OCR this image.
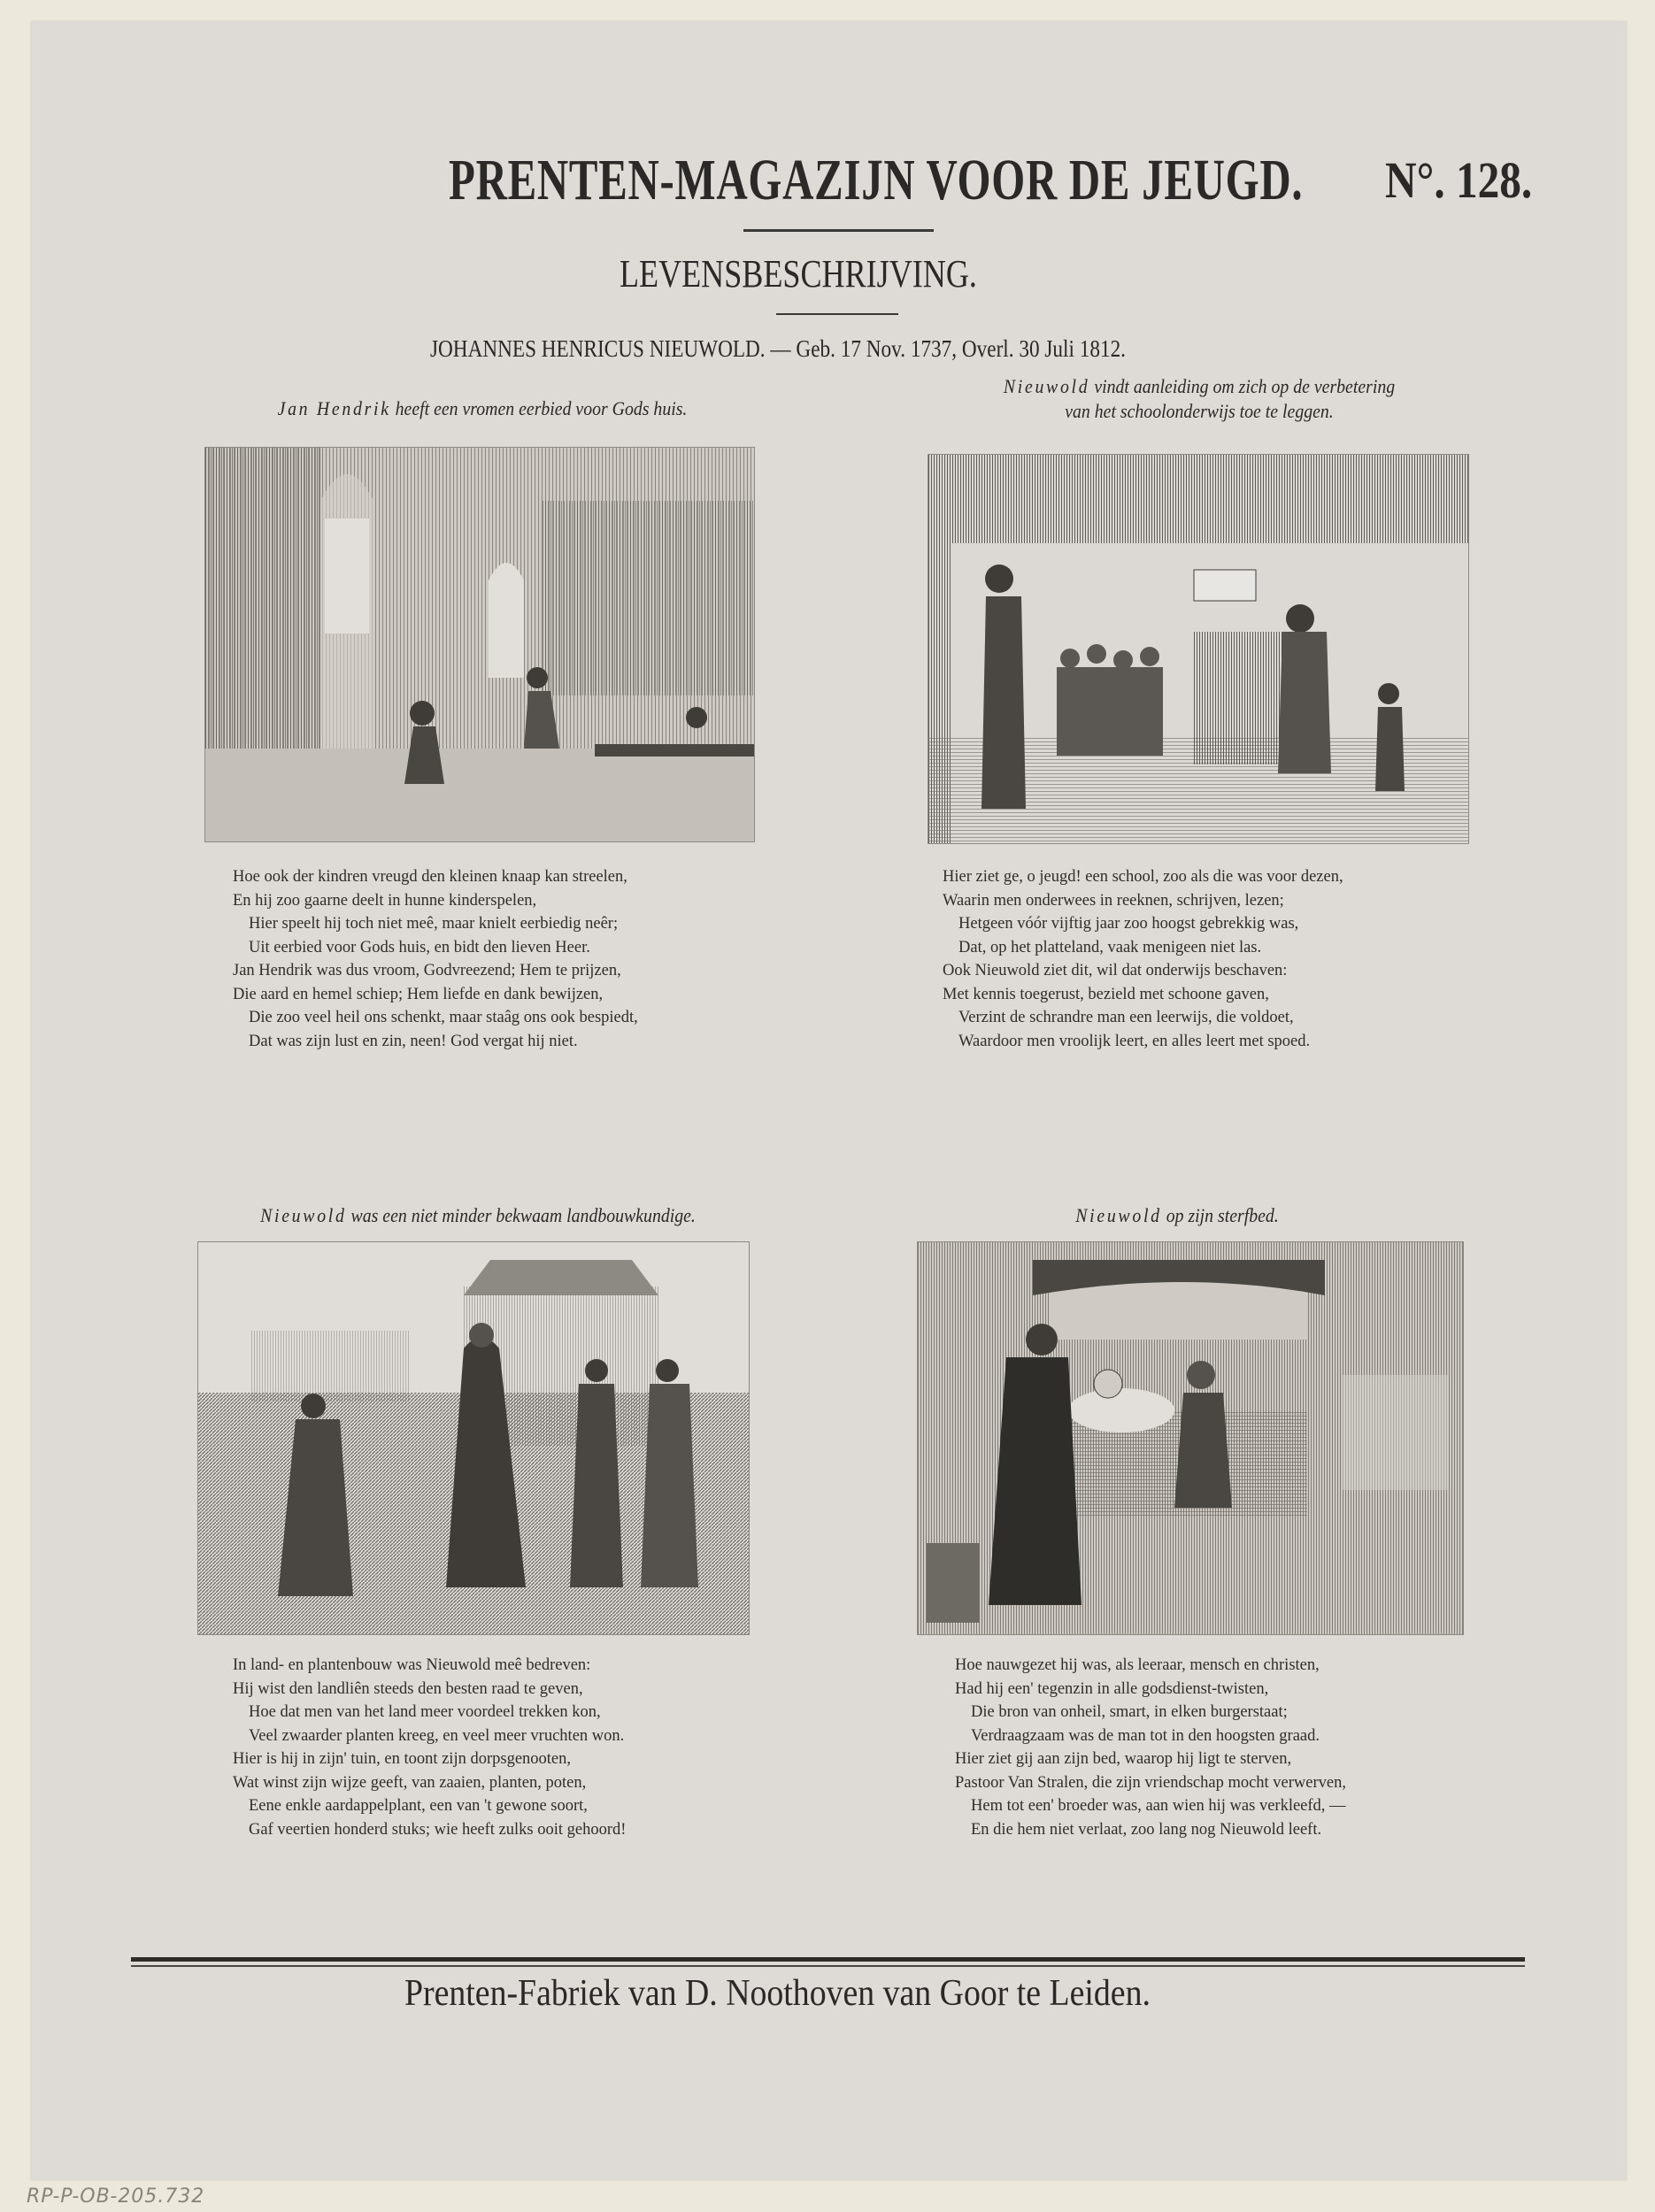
PRENTEN-MAGAZIJN VOOR DE JEUGD. N°. 128.
LEVENSBESCHRIJVING.
JOHANNES HENRICUS NIEUWOLD. — Geb. 17 Nov. 1737, Overl. 30 Juli 1812.
Jan Hendrik heeft een vromen eerbied voor Gods huis.
Hoe ook der kindren vreugd den kleinen knaap kan streelen,
En hij zoo gaarne deelt in hunne kinderspelen,
Hier speelt hij toch niet meê, maar knielt eerbiedig neêr;
Uit eerbied voor Gods huis, en bidt den lieven Heer.
Jan Hendrik was dus vroom, Godvreezend; Hem te prijzen,
Die aard en hemel schiep; Hem liefde en dank bewijzen,
Die zoo veel heil ons schenkt, maar staâg ons ook bespiedt,
Dat was zijn lust en zin, neen! God vergat hij niet.
Nieuwold vindt aanleiding om zich op de verbetering
van het schoolonderwijs toe te leggen.
Hier ziet ge, o jeugd! een school, zoo als die was voor dezen,
Waarin men onderwees in reeknen, schrijven, lezen;
Hetgeen vóór vijftig jaar zoo hoogst gebrekkig was,
Dat, op het platteland, vaak menigeen niet las.
Ook Nieuwold ziet dit, wil dat onderwijs beschaven:
Met kennis toegerust, bezield met schoone gaven,
Verzint de schrandre man een leerwijs, die voldoet,
Waardoor men vroolijk leert, en alles leert met spoed.
Nieuwold was een niet minder bekwaam landbouwkundige.
In land- en plantenbouw was Nieuwold meê bedreven:
Hij wist den landliên steeds den besten raad te geven,
Hoe dat men van het land meer voordeel trekken kon,
Veel zwaarder planten kreeg, en veel meer vruchten won.
Hier is hij in zijn' tuin, en toont zijn dorpsgenooten,
Wat winst zijn wijze geeft, van zaaien, planten, poten,
Eene enkle aardappelplant, een van 't gewone soort,
Gaf veertien honderd stuks; wie heeft zulks ooit gehoord!
Nieuwold op zijn sterfbed.
Hoe nauwgezet hij was, als leeraar, mensch en christen,
Had hij een' tegenzin in alle godsdienst-twisten,
Die bron van onheil, smart, in elken burgerstaat;
Verdraagzaam was de man tot in den hoogsten graad.
Hier ziet gij aan zijn bed, waarop hij ligt te sterven,
Pastoor Van Stralen, die zijn vriendschap mocht verwerven,
Hem tot een' broeder was, aan wien hij was verkleefd, —
En die hem niet verlaat, zoo lang nog Nieuwold leeft.
Prenten-Fabriek van D. Noothoven van Goor te Leiden.
RP-P-OB-205.732
